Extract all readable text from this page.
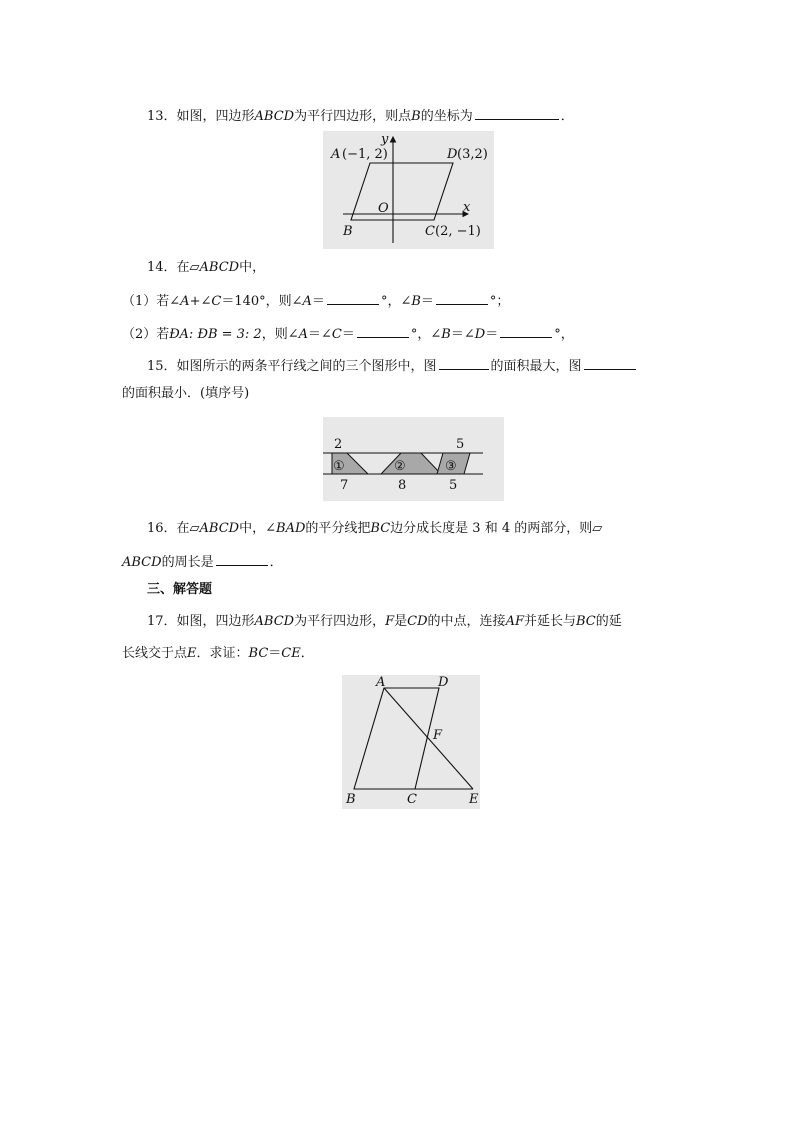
13．如图，四边形ABCD为平行四边形，则点B的坐标为	．
y
x
O
A (−1, 2)	D (3,2)
B	C (2, −1)
14．在▱ABCD中，
（1）若∠A+∠C＝140°，则∠A＝	°，∠B＝	°；
（2）若ÐA: ÐB = 3: 2，则∠A＝∠C＝	°，∠B＝∠D＝	°，
15．如图所示的两条平行线之间的三个图形中，图	的面积最大，图
的面积最小．(填序号)
2	5
7	8	5
①	②	③
16．在▱ABCD中，∠BAD的平分线把BC边分成长度是 3 和 4 的两部分，则▱
ABCD的周长是	．
三、解答题
17．如图，四边形ABCD为平行四边形，F是CD的中点，连接AF并延长与BC的延
长线交于点E．求证：BC＝CE．
A	D
F
B	C	E
